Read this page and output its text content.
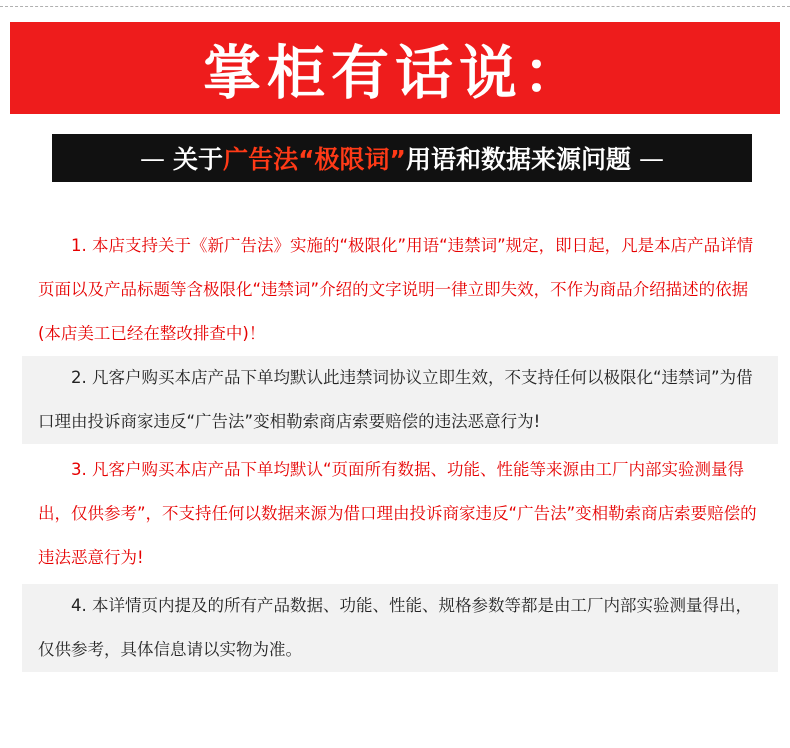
掌柜有话说：
— 关于 广告法“极限词” 用语和数据来源问题 —
1. 本店支持关于《新广告法》实施的“极限化”用语“违禁词”规定，即日起，凡是本店产品详情页面以及产品标题等含极限化“违禁词”介绍的文字说明一律立即失效，不作为商品介绍描述的依据(本店美工已经在整改排查中)！
2. 凡客户购买本店产品下单均默认此违禁词协议立即生效，不支持任何以极限化“违禁词”为借口理由投诉商家违反“广告法”变相勒索商店索要赔偿的违法恶意行为!
3. 凡客户购买本店产品下单均默认“页面所有数据、功能、性能等来源由工厂内部实验测量得出，仅供参考”，不支持任何以数据来源为借口理由投诉商家违反“广告法”变相勒索商店索要赔偿的违法恶意行为!
4. 本详情页内提及的所有产品数据、功能、性能、规格参数等都是由工厂内部实验测量得出，仅供参考，具体信息请以实物为准。
